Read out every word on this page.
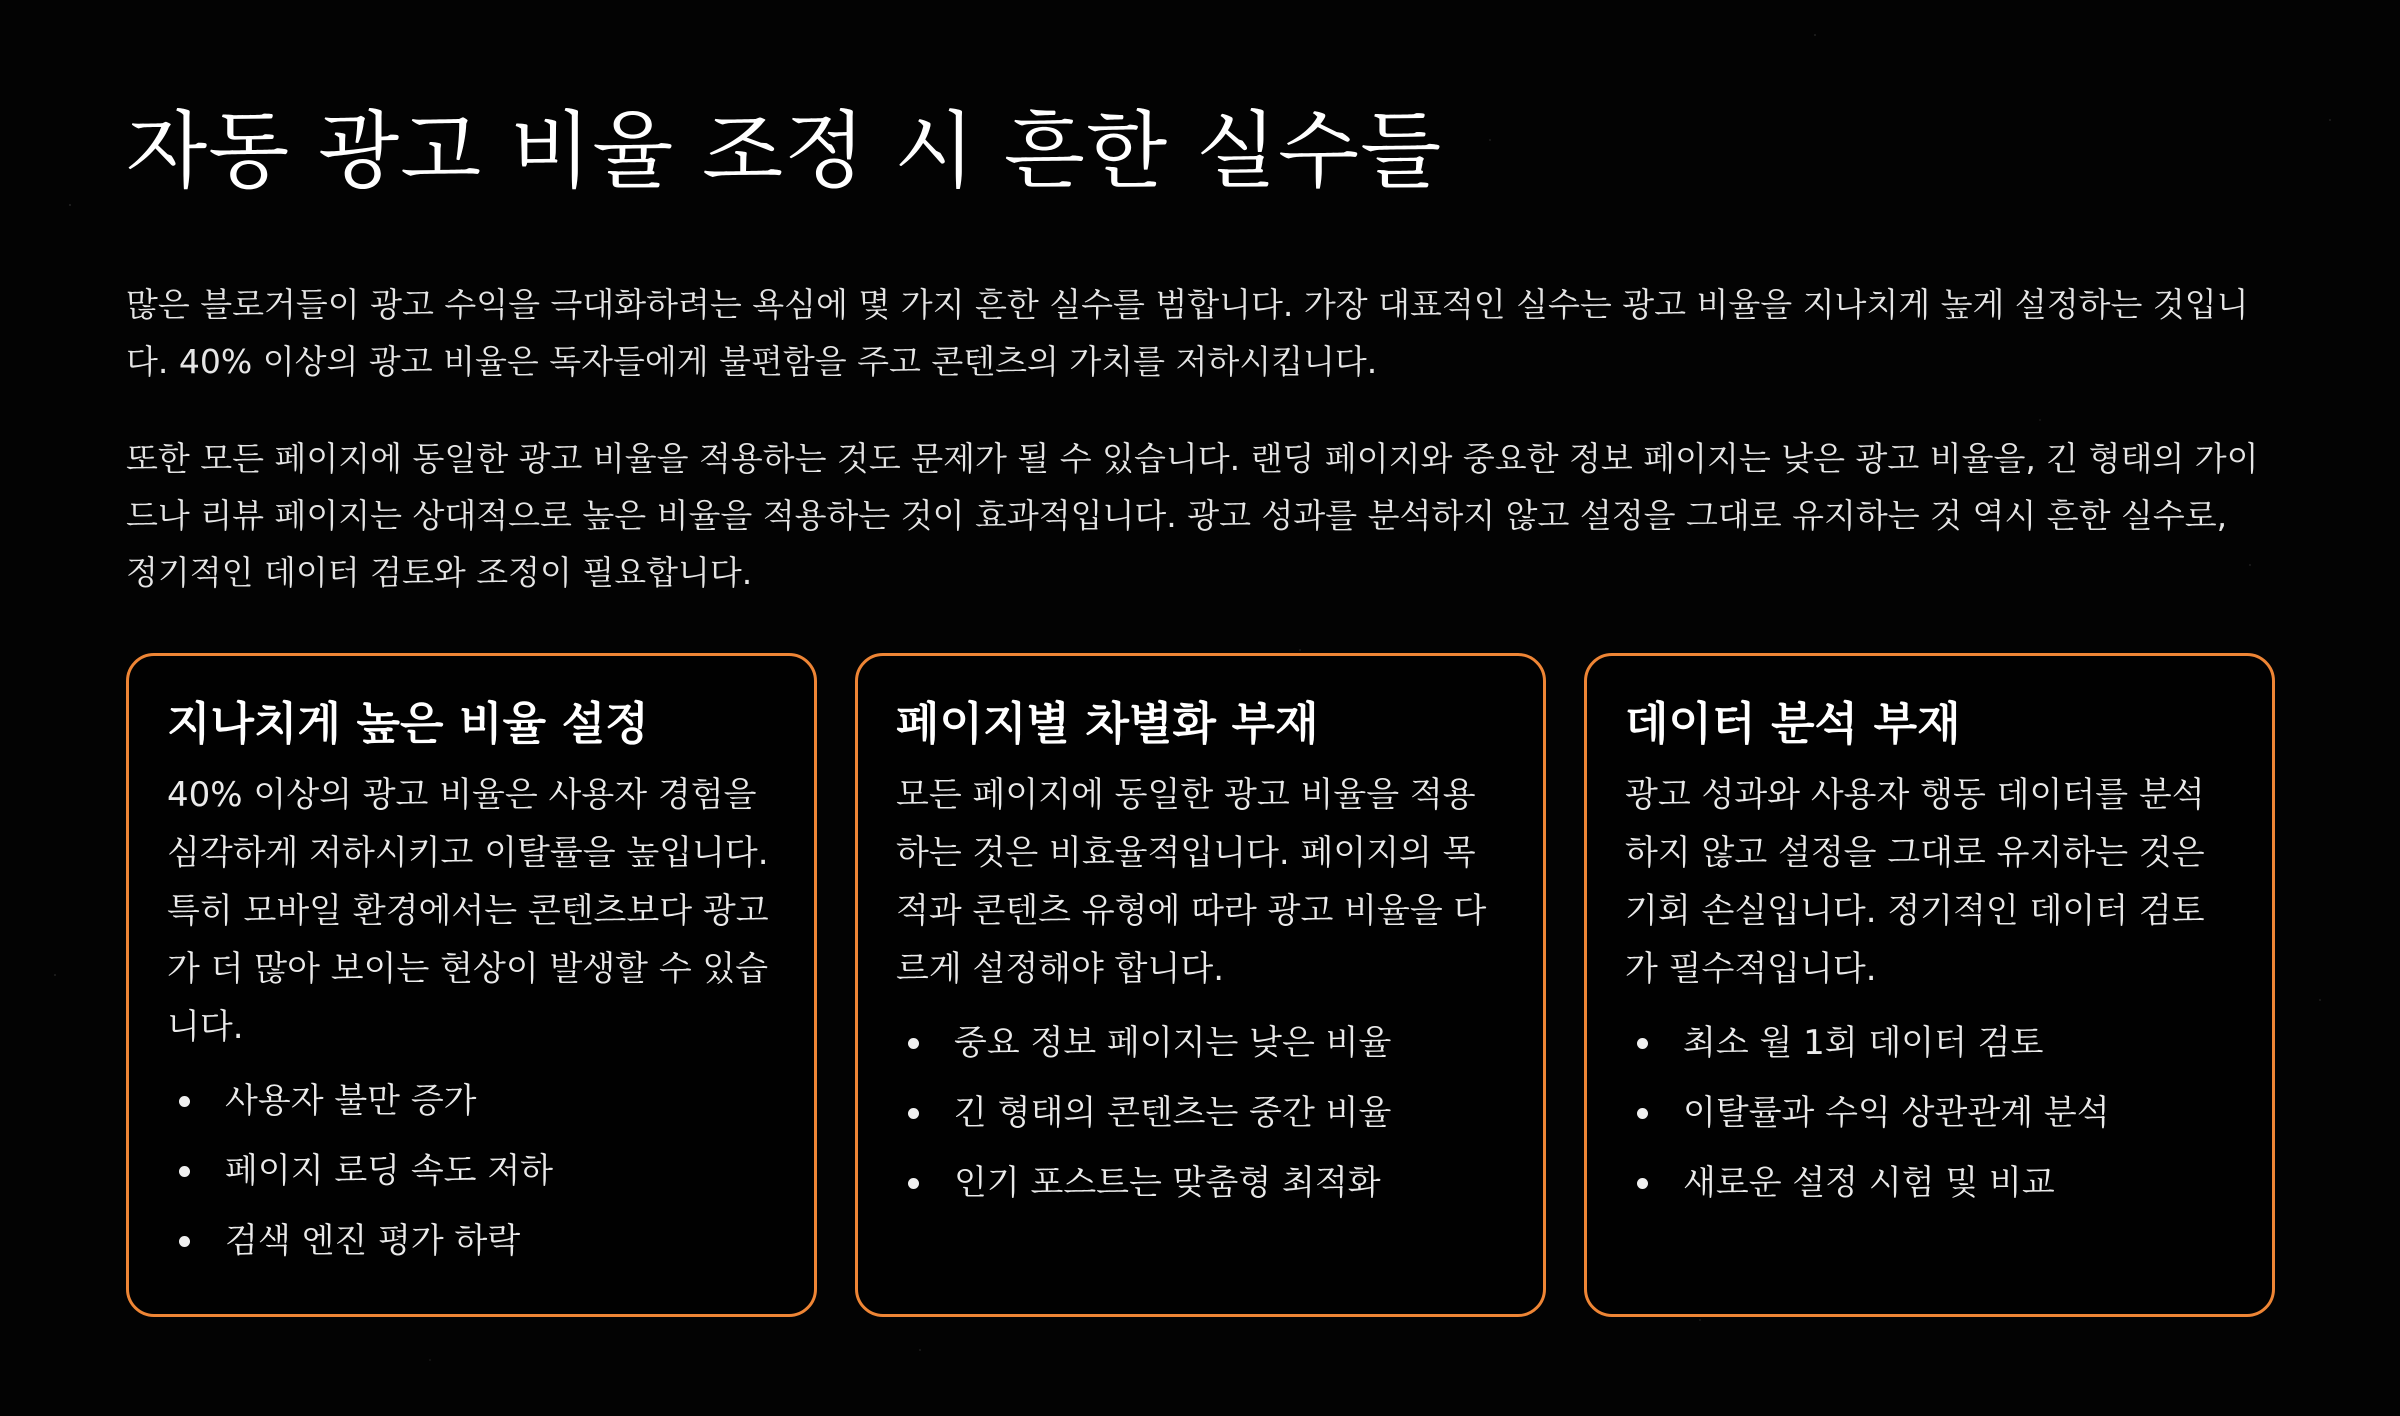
자동 광고 비율 조정 시 흔한 실수들

많은 블로거들이 광고 수익을 극대화하려는 욕심에 몇 가지 흔한 실수를 범합니다. 가장 대표적인 실수는 광고 비율을 지나치게 높게 설정하는 것입니다. 40% 이상의 광고 비율은 독자들에게 불편함을 주고 콘텐츠의 가치를 저하시킵니다.

또한 모든 페이지에 동일한 광고 비율을 적용하는 것도 문제가 될 수 있습니다. 랜딩 페이지와 중요한 정보 페이지는 낮은 광고 비율을, 긴 형태의 가이드나 리뷰 페이지는 상대적으로 높은 비율을 적용하는 것이 효과적입니다. 광고 성과를 분석하지 않고 설정을 그대로 유지하는 것 역시 흔한 실수로, 정기적인 데이터 검토와 조정이 필요합니다.

지나치게 높은 비율 설정

40% 이상의 광고 비율은 사용자 경험을 심각하게 저하시키고 이탈률을 높입니다. 특히 모바일 환경에서는 콘텐츠보다 광고가 더 많아 보이는 현상이 발생할 수 있습니다.

사용자 불만 증가
페이지 로딩 속도 저하
검색 엔진 평가 하락
페이지별 차별화 부재

모든 페이지에 동일한 광고 비율을 적용하는 것은 비효율적입니다. 페이지의 목적과 콘텐츠 유형에 따라 광고 비율을 다르게 설정해야 합니다.

중요 정보 페이지는 낮은 비율
긴 형태의 콘텐츠는 중간 비율
인기 포스트는 맞춤형 최적화
데이터 분석 부재

광고 성과와 사용자 행동 데이터를 분석하지 않고 설정을 그대로 유지하는 것은 기회 손실입니다. 정기적인 데이터 검토가 필수적입니다.

최소 월 1회 데이터 검토
이탈률과 수익 상관관계 분석
새로운 설정 시험 및 비교
